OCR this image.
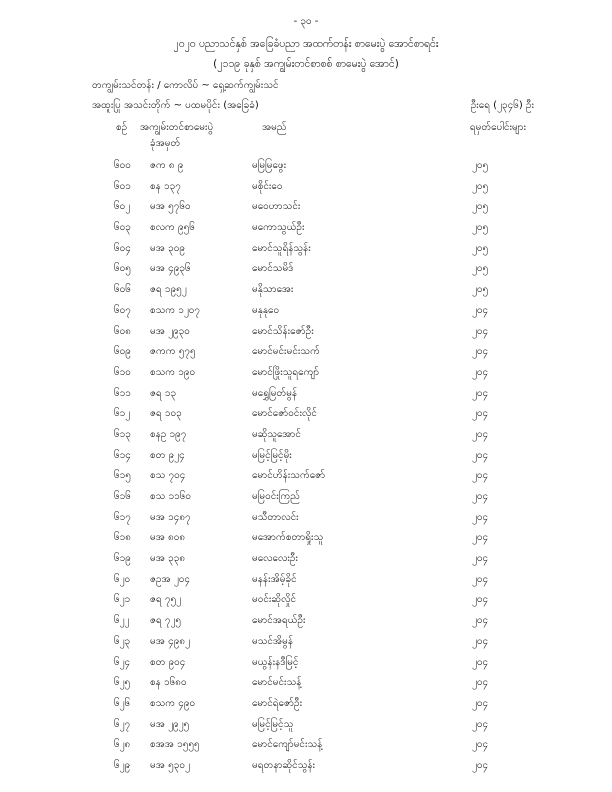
- ၃၀ -
၂၀၂၀ ပညာသင်နှစ် အခြေခံပညာ အထက်တန်း စာမေးပွဲ အောင်စာရင်း
(၂၁၁၉ ခုနှစ် အကျွမ်းတင်စာစစ် စာမေးပွဲ အောင်)
တကျွမ်းသင်တန်း / ကောလိပ် ~ ရှေ့ဆက်ကျွမ်းသင်
အထူးပြု အသင်းတိုက် ~ ပထမပိုင်း (အခြေခံ)	ဦးရေ (၂၃၄၆) ဦး
စဉ် အကျွမ်းတင်စာမေးပွဲ
ခုံအမှတ်
အမည်	ရမှတ်ပေါင်းများ
၆၀၀ ဇက ၈ ၉	မမြမြဖွေး	၂၀၅
၆၀၁ စန ၁၃၇	မစိုင်းဝေ	၂၀၅
၆၀၂ မအ ၅၇၆၀	မဝေဟာသင်း	၂၀၅
၆၀၃ စလက ၉၅၆	မကောသွယ်ဦး	၂၀၅
၆၀၄ မအ ၃၀၉	မောင်သူရိန်သွန်း	၂၀၅
၆၀၅ မအ ၄၉၃၆	မောင်သမိဒ်	၂၀၅
၆၀၆ ဇရ ၁၉၅၂	မနိုသာအေး	၂၀၅
၆၀၇ စသက ၁၂၀၇	မနုနုဝေ	၂၀၄
၆၀၈ မအ ၂၉၃၀	မောင်သိန်းဇော်ဦး	၂၀၄
၆၀၉ ဇကက ၅၇၅	မောင်မင်းမင်းသက်	၂၀၄
၆၁၀ စသက ၁၉၀	မောင်ဖြိုးသူရကျော်	၂၀၄
၆၁၁ ဇရ ၁၃	မရွှေမြတ်မွန်	၂၀၄
၆၁၂ ဇရ ၁၀၃	မောင်ဇော်ဝင်းလိုင်	၂၀၄
၆၁၃ စနဥ ၁၉၇	မဆိုသူအောင်	၂၀၄
၆၁၄ စတ ၉၂၄	မမြင့်မြင့်မိုး	၂၀၄
၆၁၅ စသ ၇၀၄	မောင်ဟိန်းသက်ဇော်	၂၀၄
၆၁၆ စသ ၁၁၆၀	မမြဝင်းကြည်	၂၀၄
၆၁၇ မအ ၁၄၈၇	မသီတာလင်း	၂၀၄
၆၁၈ မအ ၈၀၈	မအောက်စတာရှိုးသူ	၂၀၄
၆၁၉ မအ ၃၃၈	မလေလေးဦး	၂၀၄
၆၂၀ ဇဥအ ၂၀၄	မနန်းအိမ့်ခိုင်	၂၀၄
၆၂၁ ဇရ ၇၅၂	မဝင်းဆိုလှိုင်	၂၀၄
၆၂၂ ဇရ ၇၂၅	မောင်အရယ်ဦး	၂၀၄
၆၂၃ မအ ၄၉၈၂	မသင်အိမွန်	၂၀၄
၆၂၄ စတ ၉၀၄	မယွန်းနဒီမြင့်	၂၀၄
၆၂၅ စန ၁၆၈၀	မောင်မင်းသန့်	၂၀၄
၆၂၆ စသက ၄၉၀	မောင်ရဲဇော်ဦး	၂၀၄
၆၂၇ မအ ၂၉၂၅	မမြင့်မြင့်သူ	၂၀၄
၆၂၈ စအအ ၁၅၅၅	မောင်ကျော်မင်းသန့်	၂၀၄
၆၂၉ မအ ၅၃၀၂	မရတနာဆိုင်သွန်း	၂၀၄
